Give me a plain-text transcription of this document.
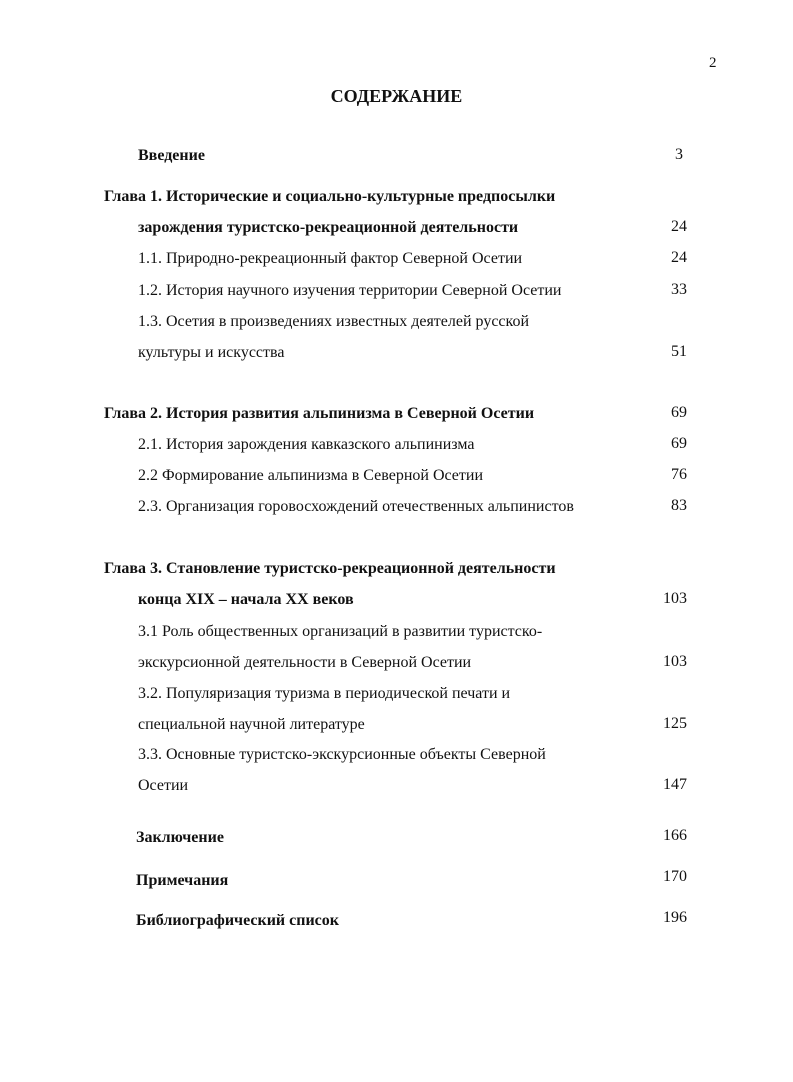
2
СОДЕРЖАНИЕ
Введение	3
Глава 1. Исторические и социально-культурные предпосылки
зарождения туристско-рекреационной деятельности	24
1.1. Природно-рекреационный фактор Северной Осетии	24
1.2. История научного изучения территории Северной Осетии	33
1.3. Осетия в произведениях известных деятелей русской
культуры и искусства	51
Глава 2. История развития альпинизма в Северной Осетии	69
2.1. История зарождения кавказского альпинизма	69
2.2 Формирование альпинизма в Северной Осетии	76
2.3. Организация горовосхождений отечественных альпинистов	83
Глава 3. Становление туристско-рекреационной деятельности
конца XIX – начала XX веков	103
3.1 Роль общественных организаций в развитии туристско-
экскурсионной деятельности в Северной Осетии	103
3.2. Популяризация туризма в периодической печати и
специальной научной литературе	125
3.3. Основные туристско-экскурсионные объекты Северной
Осетии	147
Заключение	166
Примечания	170
Библиографический список	196
